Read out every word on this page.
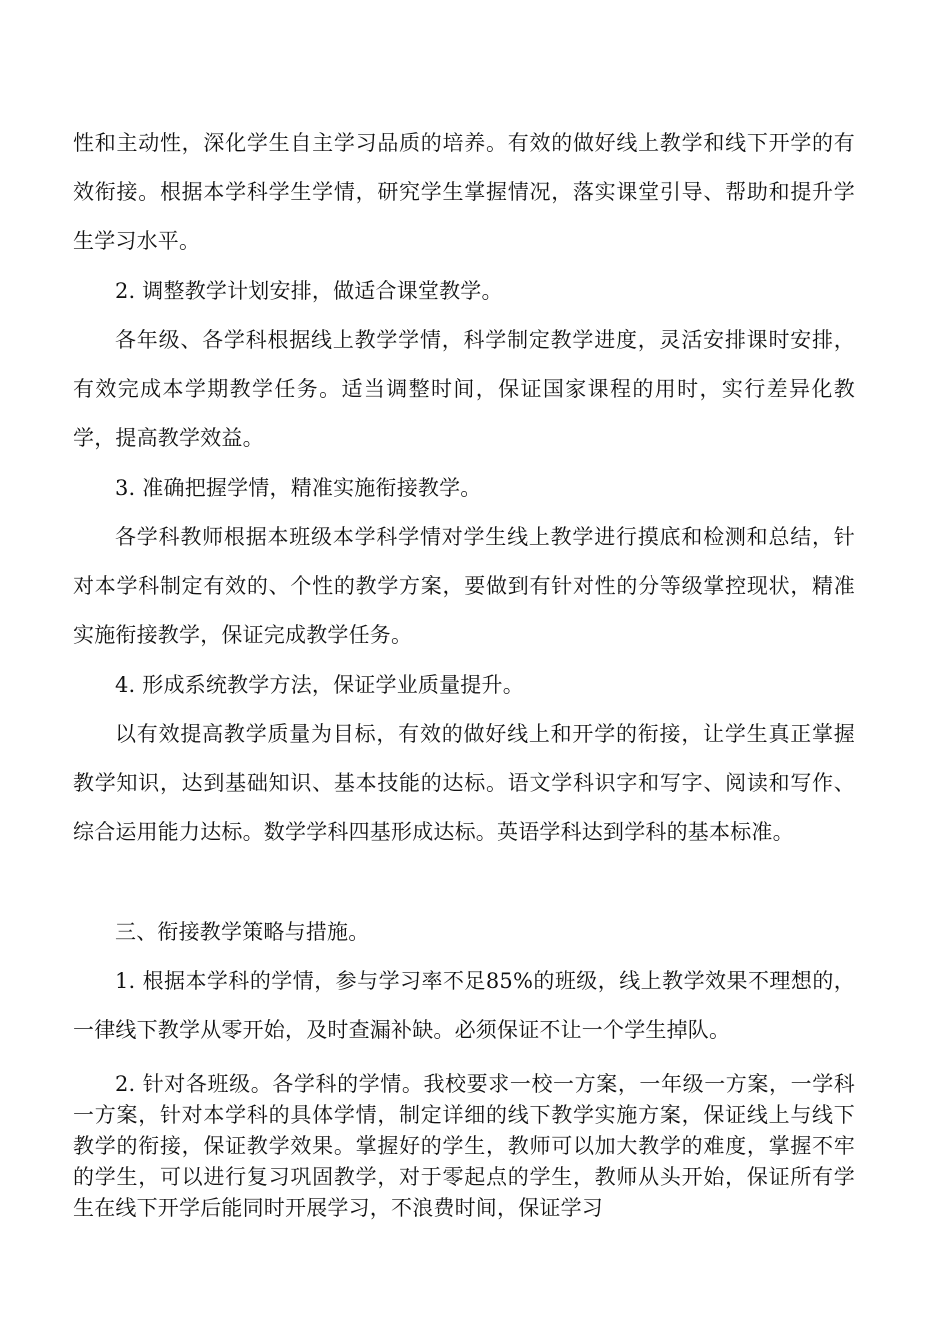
性和主动性，深化学生自主学习品质的培养。有效的做好线上教学和线下开学的有效衔接。根据本学科学生学情，研究学生掌握情况，落实课堂引导、帮助和提升学生学习水平。

2. 调整教学计划安排，做适合课堂教学。

各年级、各学科根据线上教学学情，科学制定教学进度，灵活安排课时安排，有效完成本学期教学任务。适当调整时间，保证国家课程的用时，实行差异化教学，提高教学效益。

3. 准确把握学情，精准实施衔接教学。

各学科教师根据本班级本学科学情对学生线上教学进行摸底和检测和总结，针对本学科制定有效的、个性的教学方案，要做到有针对性的分等级掌控现状，精准实施衔接教学，保证完成教学任务。

4. 形成系统教学方法，保证学业质量提升。

以有效提高教学质量为目标，有效的做好线上和开学的衔接，让学生真正掌握教学知识，达到基础知识、基本技能的达标。语文学科识字和写字、阅读和写作、综合运用能力达标。数学学科四基形成达标。英语学科达到学科的基本标准。

三、衔接教学策略与措施。

1. 根据本学科的学情，参与学习率不足85%的班级，线上教学效果不理想的，一律线下教学从零开始，及时查漏补缺。必须保证不让一个学生掉队。

2. 针对各班级。各学科的学情。我校要求一校一方案，一年级一方案，一学科一方案，针对本学科的具体学情，制定详细的线下教学实施方案，保证线上与线下教学的衔接，保证教学效果。掌握好的学生，教师可以加大教学的难度，掌握不牢的学生，可以进行复习巩固教学，对于零起点的学生，教师从头开始，保证所有学生在线下开学后能同时开展学习，不浪费时间，保证学习
